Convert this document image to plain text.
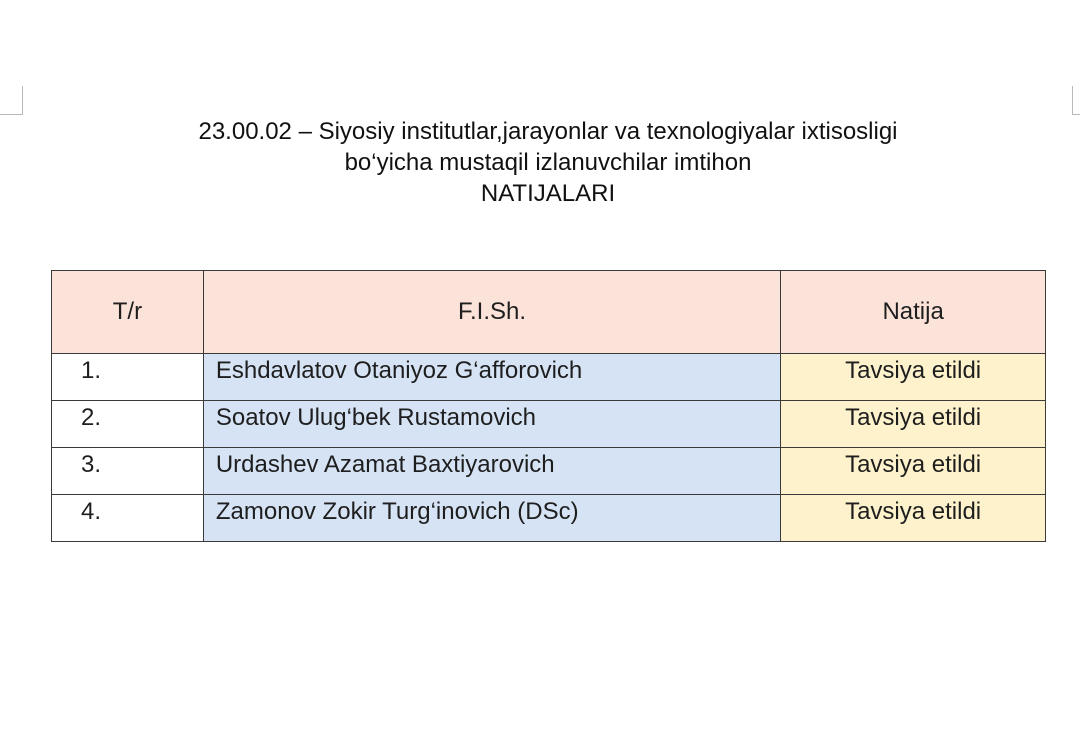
23.00.02 – Siyosiy institutlar,jarayonlar va texnologiyalar ixtisosligi
bo‘yicha mustaqil izlanuvchilar imtihon
NATIJALARI
T/r	F.I.Sh.	Natija
1.	Eshdavlatov Otaniyoz G‘afforovich	Tavsiya etildi
2.	Soatov Ulug‘bek Rustamovich	Tavsiya etildi
3.	Urdashev Azamat Baxtiyarovich	Tavsiya etildi
4.	Zamonov Zokir Turg‘inovich (DSc)	Tavsiya etildi
